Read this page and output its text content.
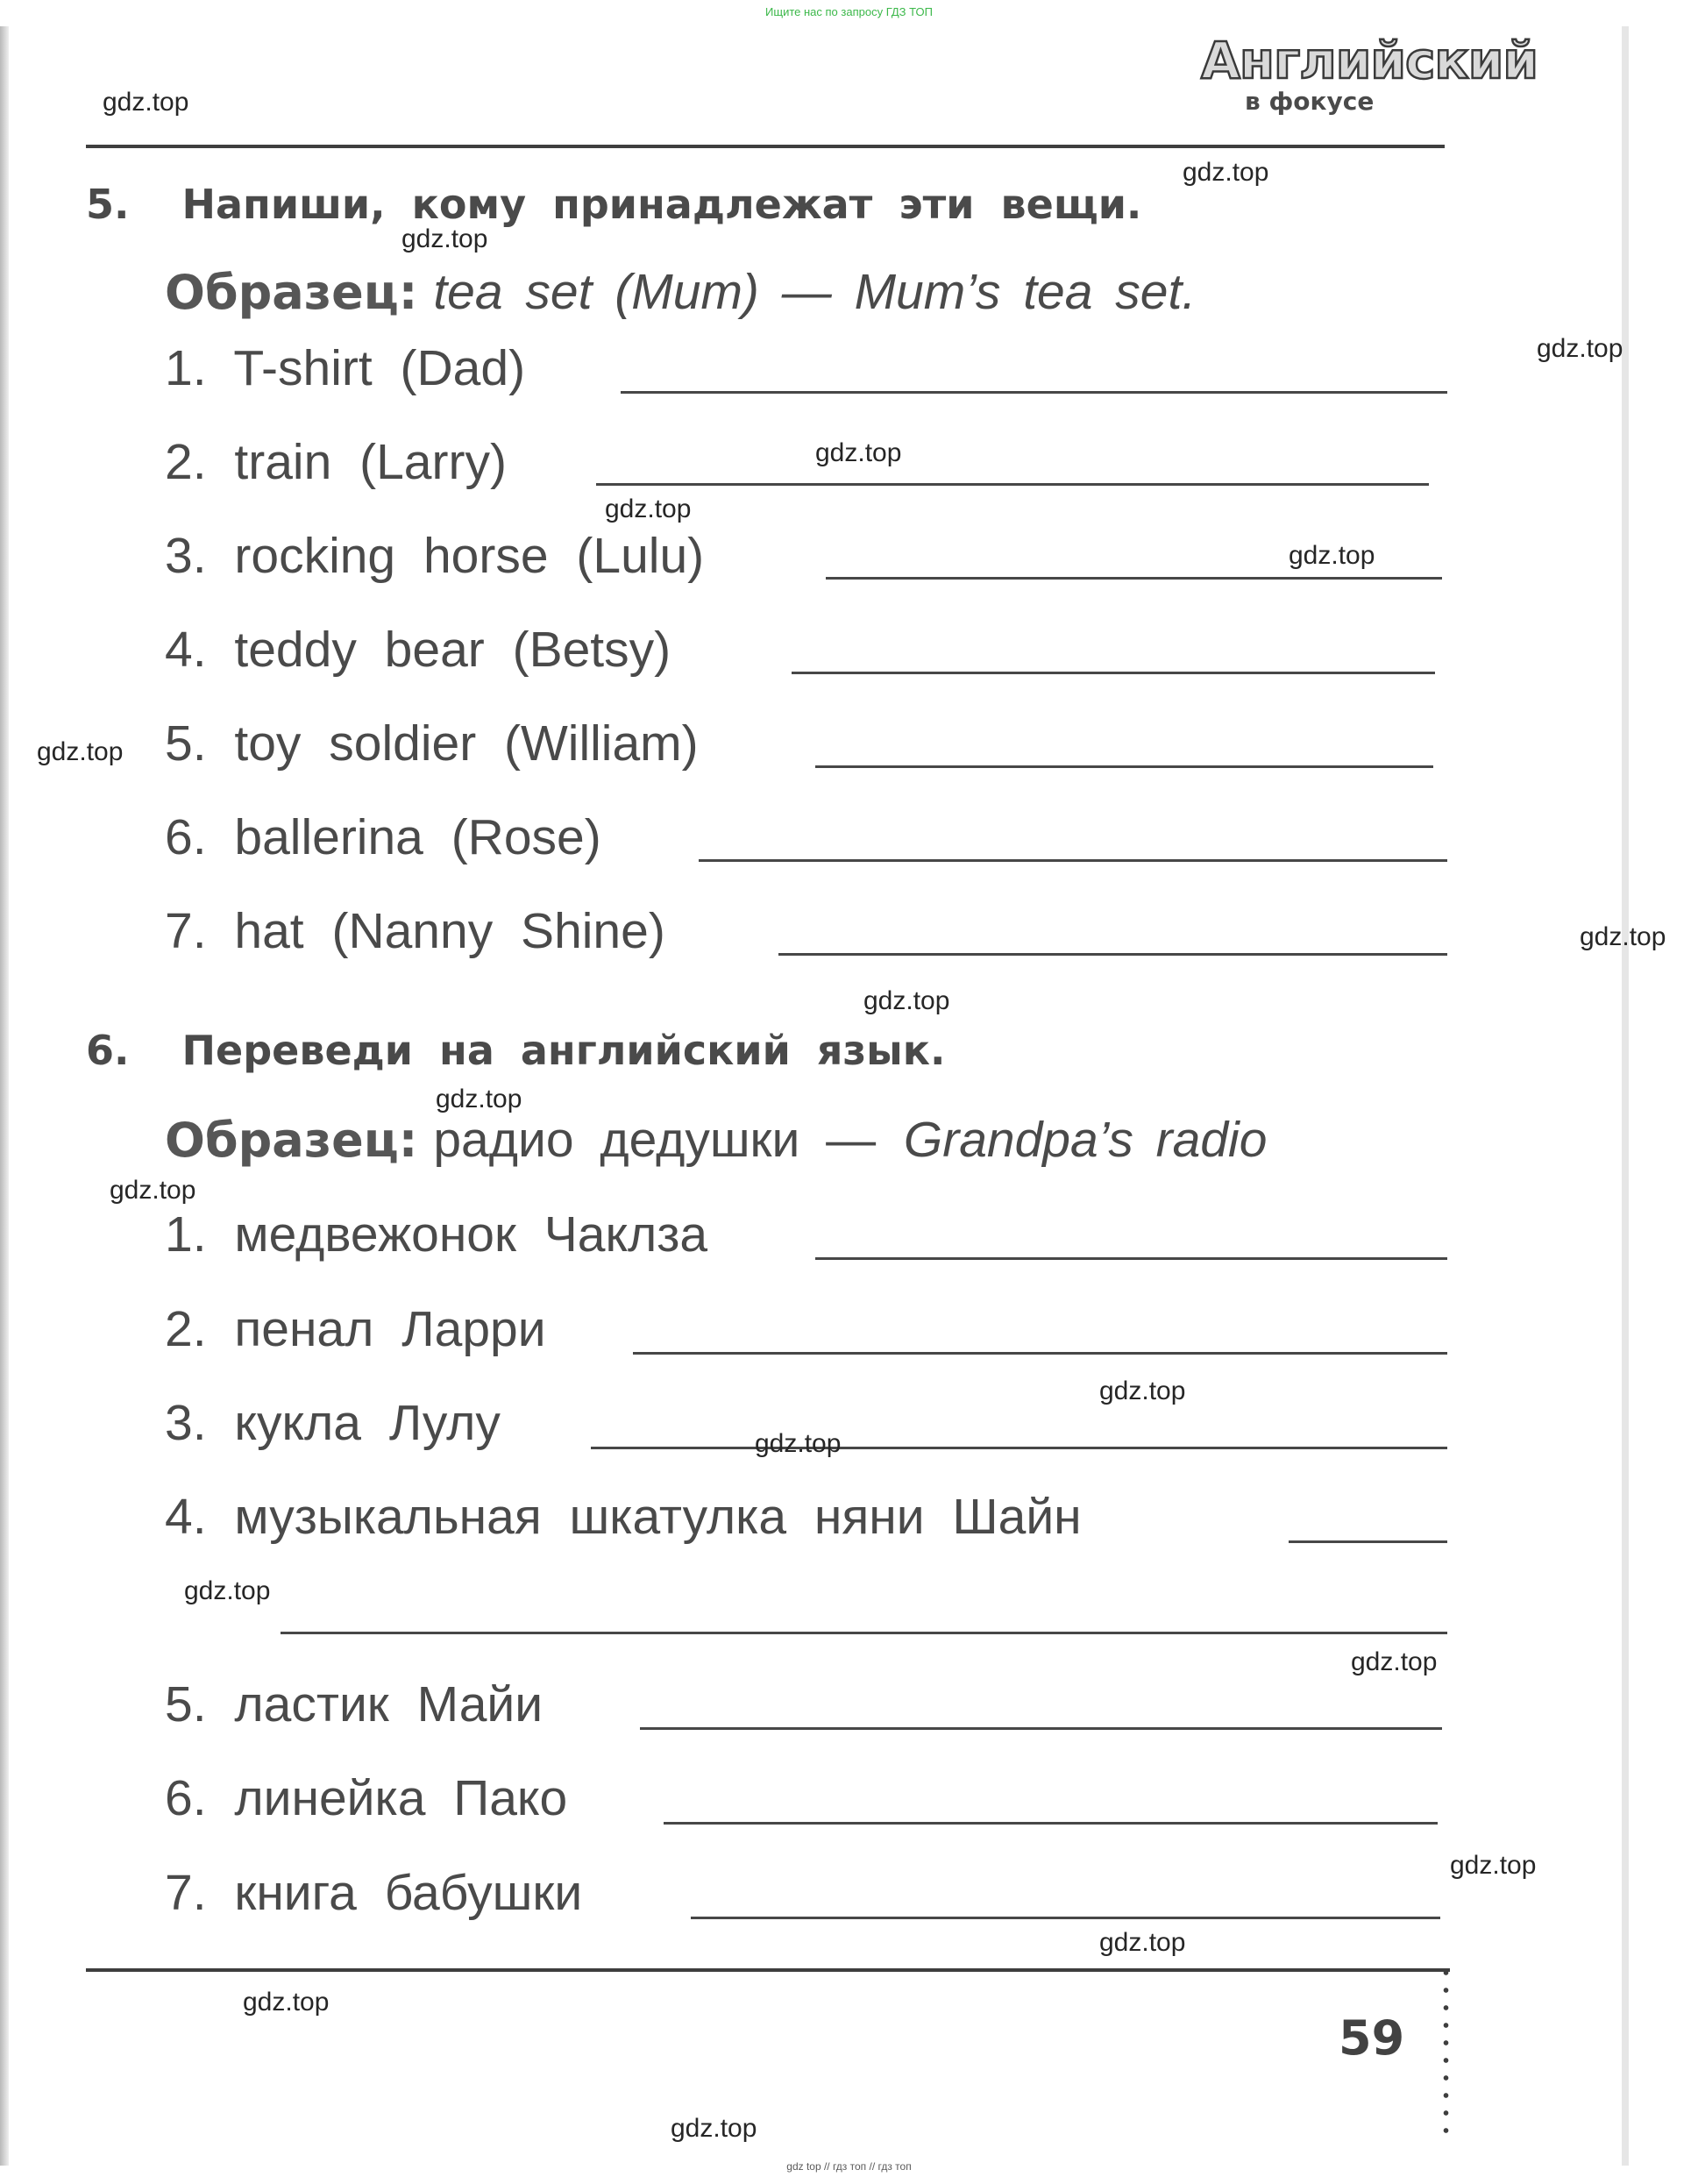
Ищите нас по запросу ГДЗ ТОП
Английский
в фокусе
5. Напиши, кому принадлежат эти вещи.
Образец: tea set (Mum) — Mum’s tea set.
1. T-shirt (Dad)
2. train (Larry)
3. rocking horse (Lulu)
4. teddy bear (Betsy)
5. toy soldier (William)
6. ballerina (Rose)
7. hat (Nanny Shine)
6. Переведи на английский язык.
Образец: радио дедушки — Grandpa’s radio
1. медвежонок Чаклза
2. пенал Ларри
3. кукла Лулу
4. музыкальная шкатулка няни Шайн
5. ластик Майи
6. линейка Пако
7. книга бабушки
59
gdz.top
gdz.top
gdz.top
gdz.top
gdz.top
gdz.top
gdz.top
gdz.top
gdz.top
gdz.top
gdz.top
gdz.top
gdz.top
gdz.top
gdz.top
gdz.top
gdz.top
gdz.top
gdz.top
gdz.top
gdz top // гдз топ // гдз топ
